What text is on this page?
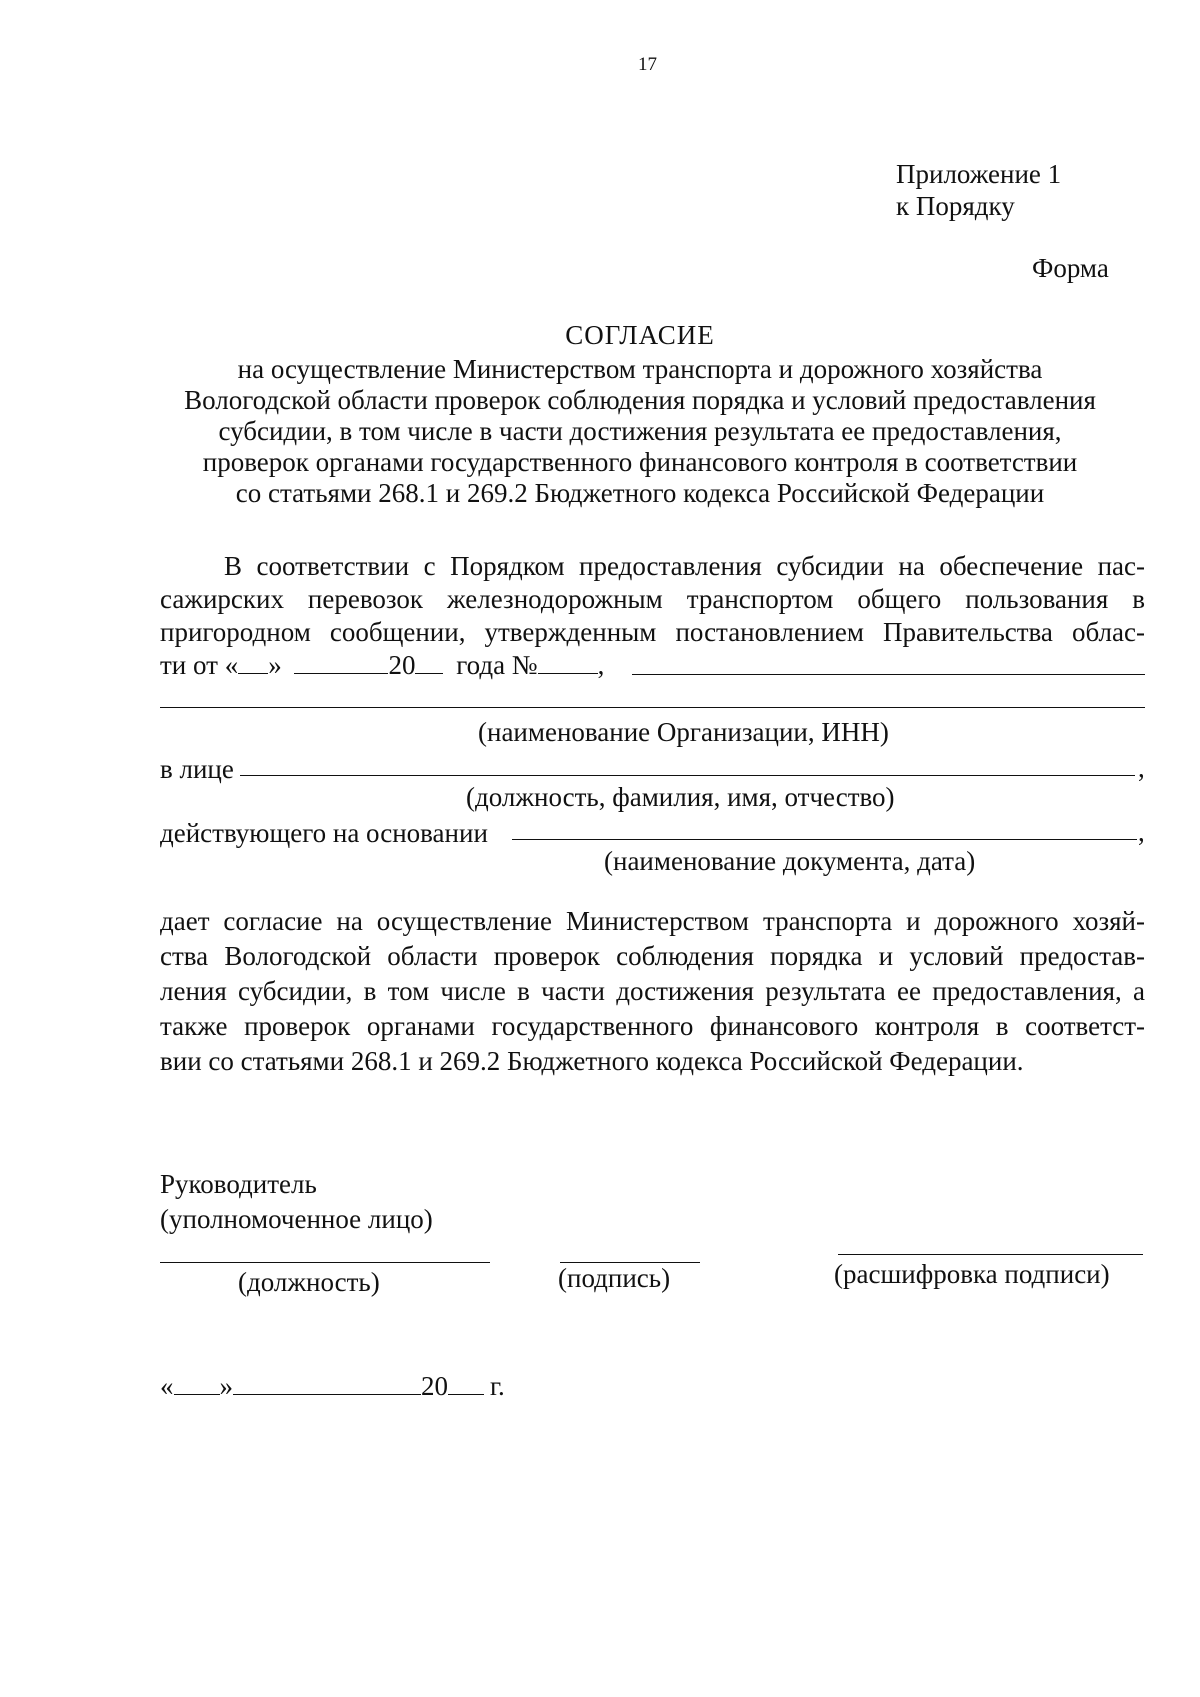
17
Приложение 1
к Порядку
Форма
СОГЛАСИЕ
на осуществление Министерством транспорта и дорожного хозяйства
Вологодской области проверок соблюдения порядка и условий предоставления
субсидии, в том числе в части достижения результата ее предоставления,
проверок органами государственного финансового контроля в соответствии
со статьями 268.1 и 269.2 Бюджетного кодекса Российской Федерации
В соответствии с Порядком предоставления субсидии на обеспечение пас-
сажирских перевозок железнодорожным транспортом общего пользования в
пригородном сообщении, утвержденным постановлением Правительства облас-
ти от « »	20 года № ,
(наименование Организации, ИНН)
в лице	,
(должность, фамилия, имя, отчество)
действующего на основании	,
(наименование документа, дата)
дает согласие на осуществление Министерством транспорта и дорожного хозяй-
ства Вологодской области проверок соблюдения порядка и условий предостав-
ления субсидии, в том числе в части достижения результата ее предоставления, а
также проверок органами государственного финансового контроля в соответст-
вии со статьями 268.1 и 269.2 Бюджетного кодекса Российской Федерации.
Руководитель
(уполномоченное лицо)
(должность)	(подпись)	(расшифровка подписи)
« »	20 г.
